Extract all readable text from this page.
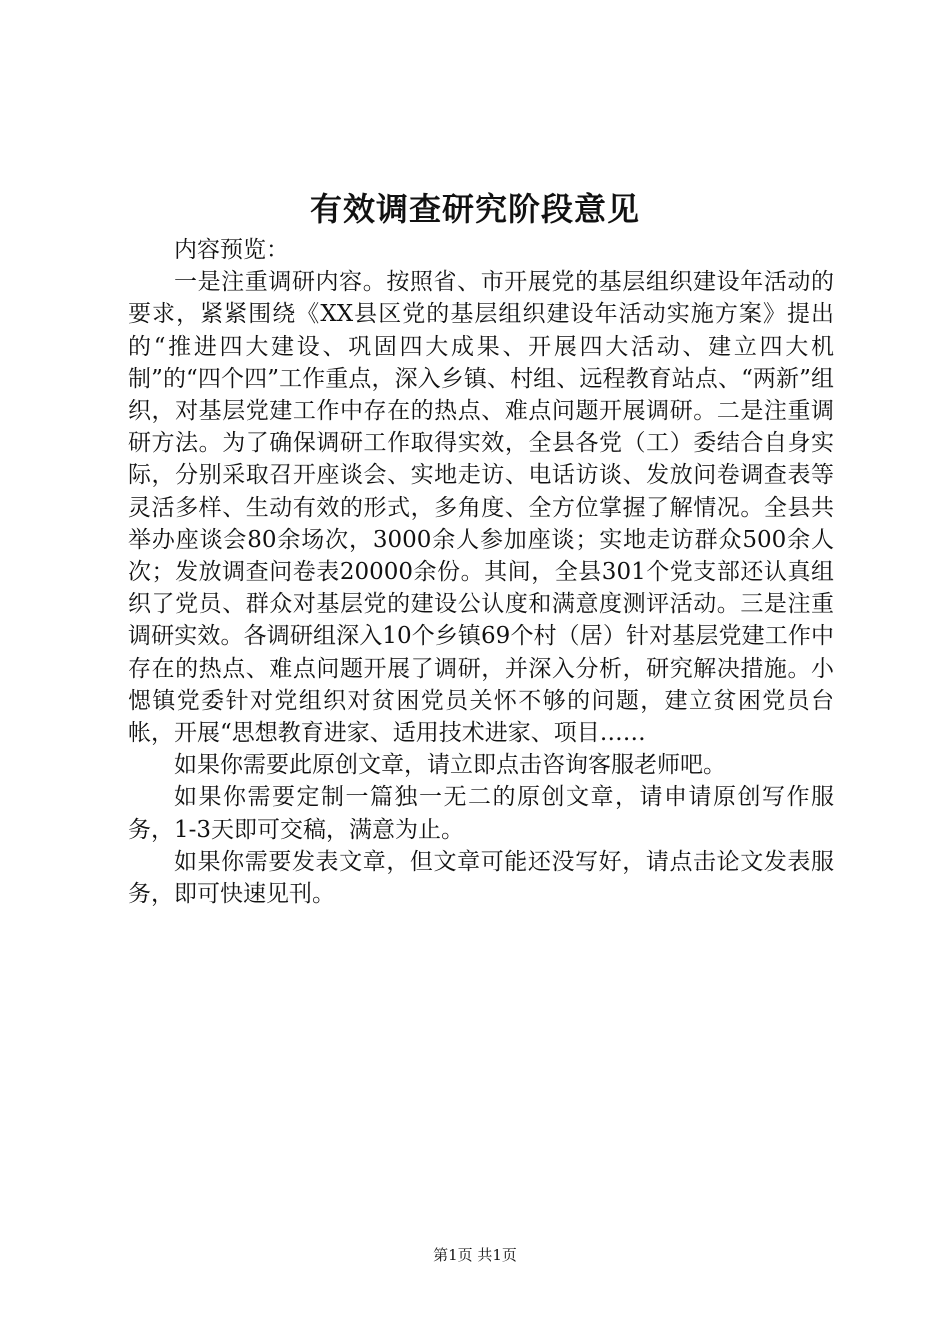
有效调查研究阶段意见

内容预览：

一是注重调研内容。按照省、市开展党的基层组织建设年活动的要求，紧紧围绕《XX县区党的基层组织建设年活动实施方案》提出的“推进四大建设、巩固四大成果、开展四大活动、建立四大机制”的“四个四”工作重点，深入乡镇、村组、远程教育站点、“两新”组织，对基层党建工作中存在的热点、难点问题开展调研。二是注重调研方法。为了确保调研工作取得实效，全县各党（工）委结合自身实际，分别采取召开座谈会、实地走访、电话访谈、发放问卷调查表等灵活多样、生动有效的形式，多角度、全方位掌握了解情况。全县共举办座谈会80余场次，3000余人参加座谈；实地走访群众500余人次；发放调查问卷表20000余份。其间，全县301个党支部还认真组织了党员、群众对基层党的建设公认度和满意度测评活动。三是注重调研实效。各调研组深入10个乡镇69个村（居）针对基层党建工作中存在的热点、难点问题开展了调研，并深入分析，研究解决措施。小愢镇党委针对党组织对贫困党员关怀不够的问题，建立贫困党员台帐，开展“思想教育进家、适用技术进家、项目……

如果你需要此原创文章，请立即点击咨询客服老师吧。

如果你需要定制一篇独一无二的原创文章，请申请原创写作服务，1-3天即可交稿，满意为止。

如果你需要发表文章，但文章可能还没写好，请点击论文发表服务，即可快速见刊。

第1页 共1页
